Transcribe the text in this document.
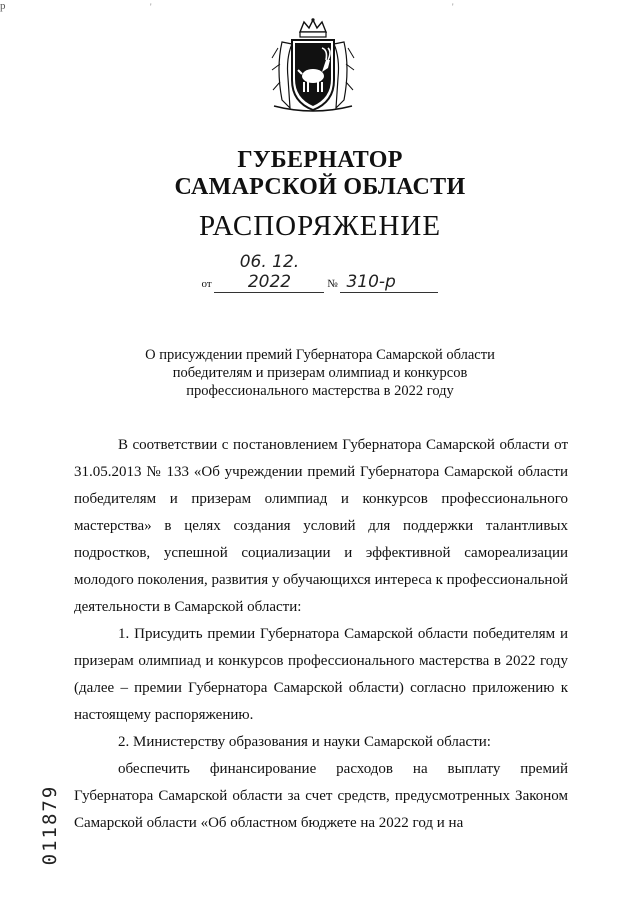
р	'	'
ГУБЕРНАТОР
САМАРСКОЙ ОБЛАСТИ
РАСПОРЯЖЕНИЕ
от 06. 12. 2022	№ 310-р
О присуждении премий Губернатора Самарской области
победителям и призерам олимпиад и конкурсов
профессионального мастерства в 2022 году

В соответствии с постановлением Губернатора Самарской области от 31.05.2013 № 133 «Об учреждении премий Губернатора Самарской области победителям и призерам олимпиад и конкурсов профессионального мастерства» в целях создания условий для поддержки талантливых подростков, успешной социализации и эффективной самореализации молодого поколения, развития у обучающихся интереса к профессиональной деятельности в Самарской области:

1. Присудить премии Губернатора Самарской области победителям и призерам олимпиад и конкурсов профессионального мастерства в 2022 году (далее – премии Губернатора Самарской области) согласно приложению к настоящему распоряжению.

2. Министерству образования и науки Самарской области:

обеспечить финансирование расходов на выплату премий Губернатора Самарской области за счет средств, предусмотренных Законом Самарской области «Об областном бюджете на 2022 год и на

011879
